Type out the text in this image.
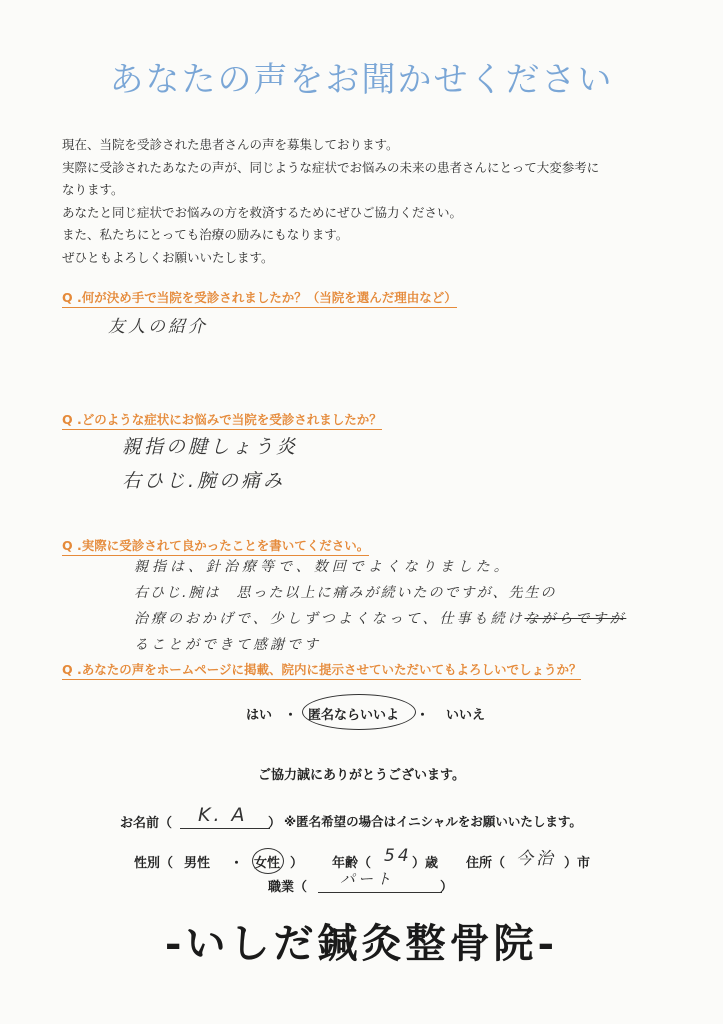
あなたの声をお聞かせください
現在、当院を受診された患者さんの声を募集しております。
実際に受診されたあなたの声が、同じような症状でお悩みの未来の患者さんにとって大変参考に
なります。
あなたと同じ症状でお悩みの方を救済するためにぜひご協力ください。
また、私たちにとっても治療の励みにもなります。
ぜひともよろしくお願いいたします。
Q .何が決め手で当院を受診されましたか？（当院を選んだ理由など）
友人の紹介
Q .どのような症状にお悩みで当院を受診されましたか？
親指の腱しょう炎
右ひじ.腕の痛み
Q .実際に受診されて良かったことを書いてください。
親指は、針治療等で、数回でよくなりました。
右ひじ.腕は　思った以上に痛みが続いたのですが、先生の
治療のおかげで、少しずつよくなって、仕事も続けながらですが
ることができて感謝です
Q .あなたの声をホームページに掲載、院内に提示させていただいてもよろしいでしょうか？
はい ・ 匿名ならいいよ ・ いいえ
ご協力誠にありがとうございます。
お名前（ K. A ） ※匿名希望の場合はイニシャルをお願いいたします。
性別（ 男性 ・ 女性 ） 年齢（ 54 ）歳 住所（ 今治 ）市
職業（ パート	）
-いしだ鍼灸整骨院-
